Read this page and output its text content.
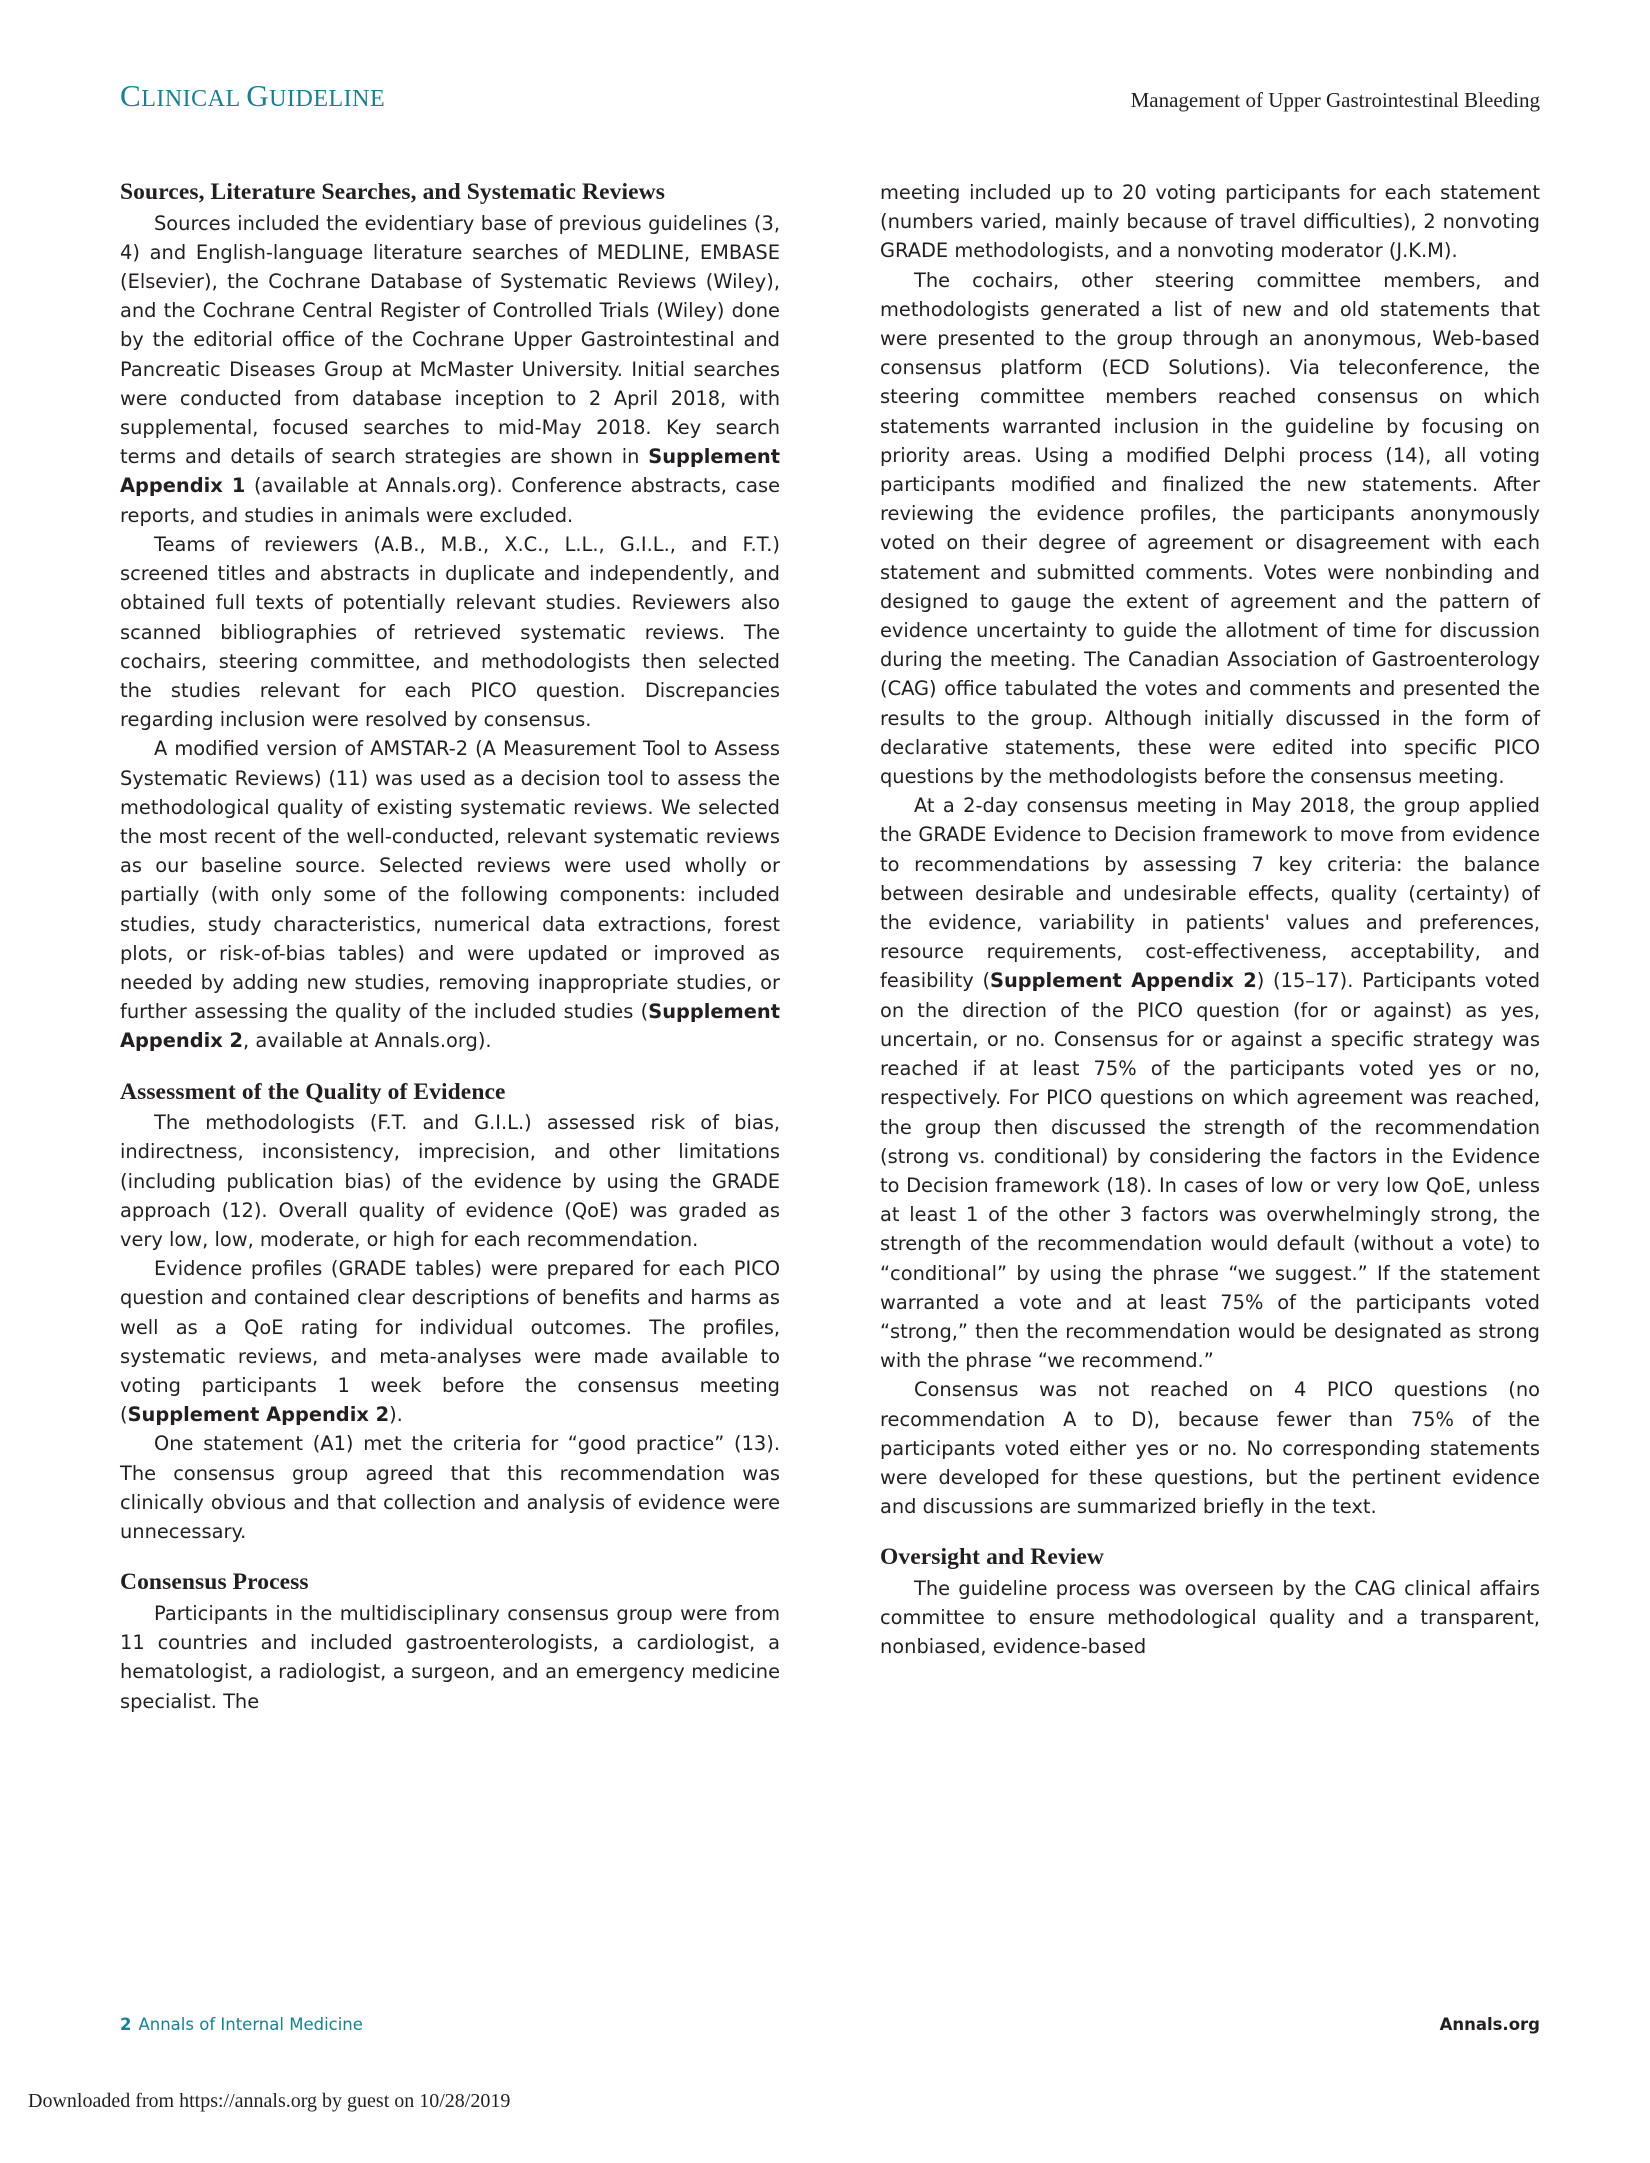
CLINICAL GUIDELINE	Management of Upper Gastrointestinal Bleeding
Sources, Literature Searches, and Systematic Reviews

Sources included the evidentiary base of previous guidelines (3, 4) and English-language literature searches of MEDLINE, EMBASE (Elsevier), the Cochrane Database of Systematic Reviews (Wiley), and the Cochrane Central Register of Controlled Trials (Wiley) done by the editorial office of the Cochrane Upper Gastrointestinal and Pancreatic Diseases Group at McMaster University. Initial searches were conducted from database inception to 2 April 2018, with supplemental, focused searches to mid-May 2018. Key search terms and details of search strategies are shown in Supplement Appendix 1 (available at Annals.org). Conference abstracts, case reports, and studies in animals were excluded.

Teams of reviewers (A.B., M.B., X.C., L.L., G.I.L., and F.T.) screened titles and abstracts in duplicate and independently, and obtained full texts of potentially relevant studies. Reviewers also scanned bibliographies of retrieved systematic reviews. The cochairs, steering committee, and methodologists then selected the studies relevant for each PICO question. Discrepancies regarding inclusion were resolved by consensus.

A modified version of AMSTAR-2 (A Measurement Tool to Assess Systematic Reviews) (11) was used as a decision tool to assess the methodological quality of existing systematic reviews. We selected the most recent of the well-conducted, relevant systematic reviews as our baseline source. Selected reviews were used wholly or partially (with only some of the following components: included studies, study characteristics, numerical data extractions, forest plots, or risk-of-bias tables) and were updated or improved as needed by adding new studies, removing inappropriate studies, or further assessing the quality of the included studies (Supplement Appendix 2, available at Annals.org).

Assessment of the Quality of Evidence

The methodologists (F.T. and G.I.L.) assessed risk of bias, indirectness, inconsistency, imprecision, and other limitations (including publication bias) of the evidence by using the GRADE approach (12). Overall quality of evidence (QoE) was graded as very low, low, moderate, or high for each recommendation.

Evidence profiles (GRADE tables) were prepared for each PICO question and contained clear descriptions of benefits and harms as well as a QoE rating for individual outcomes. The profiles, systematic reviews, and meta-analyses were made available to voting participants 1 week before the consensus meeting (Supplement Appendix 2).

One statement (A1) met the criteria for “good practice” (13). The consensus group agreed that this recommendation was clinically obvious and that collection and analysis of evidence were unnecessary.

Consensus Process

Participants in the multidisciplinary consensus group were from 11 countries and included gastroenterologists, a cardiologist, a hematologist, a radiologist, a surgeon, and an emergency medicine specialist. The

meeting included up to 20 voting participants for each statement (numbers varied, mainly because of travel difficulties), 2 nonvoting GRADE methodologists, and a nonvoting moderator (J.K.M).

The cochairs, other steering committee members, and methodologists generated a list of new and old statements that were presented to the group through an anonymous, Web-based consensus platform (ECD Solutions). Via teleconference, the steering committee members reached consensus on which statements warranted inclusion in the guideline by focusing on priority areas. Using a modified Delphi process (14), all voting participants modified and finalized the new statements. After reviewing the evidence profiles, the participants anonymously voted on their degree of agreement or disagreement with each statement and submitted comments. Votes were nonbinding and designed to gauge the extent of agreement and the pattern of evidence uncertainty to guide the allotment of time for discussion during the meeting. The Canadian Association of Gastroenterology (CAG) office tabulated the votes and comments and presented the results to the group. Although initially discussed in the form of declarative statements, these were edited into specific PICO questions by the methodologists before the consensus meeting.

At a 2-day consensus meeting in May 2018, the group applied the GRADE Evidence to Decision framework to move from evidence to recommendations by assessing 7 key criteria: the balance between desirable and undesirable effects, quality (certainty) of the evidence, variability in patients' values and preferences, resource requirements, cost-effectiveness, acceptability, and feasibility (Supplement Appendix 2) (15–17). Participants voted on the direction of the PICO question (for or against) as yes, uncertain, or no. Consensus for or against a specific strategy was reached if at least 75% of the participants voted yes or no, respectively. For PICO questions on which agreement was reached, the group then discussed the strength of the recommendation (strong vs. conditional) by considering the factors in the Evidence to Decision framework (18). In cases of low or very low QoE, unless at least 1 of the other 3 factors was overwhelmingly strong, the strength of the recommendation would default (without a vote) to “conditional” by using the phrase “we suggest.” If the statement warranted a vote and at least 75% of the participants voted “strong,” then the recommendation would be designated as strong with the phrase “we recommend.”

Consensus was not reached on 4 PICO questions (no recommendation A to D), because fewer than 75% of the participants voted either yes or no. No corresponding statements were developed for these questions, but the pertinent evidence and discussions are summarized briefly in the text.

Oversight and Review

The guideline process was overseen by the CAG clinical affairs committee to ensure methodological quality and a transparent, nonbiased, evidence-based

2 Annals of Internal Medicine	Annals.org
Downloaded from https://annals.org by guest on 10/28/2019
